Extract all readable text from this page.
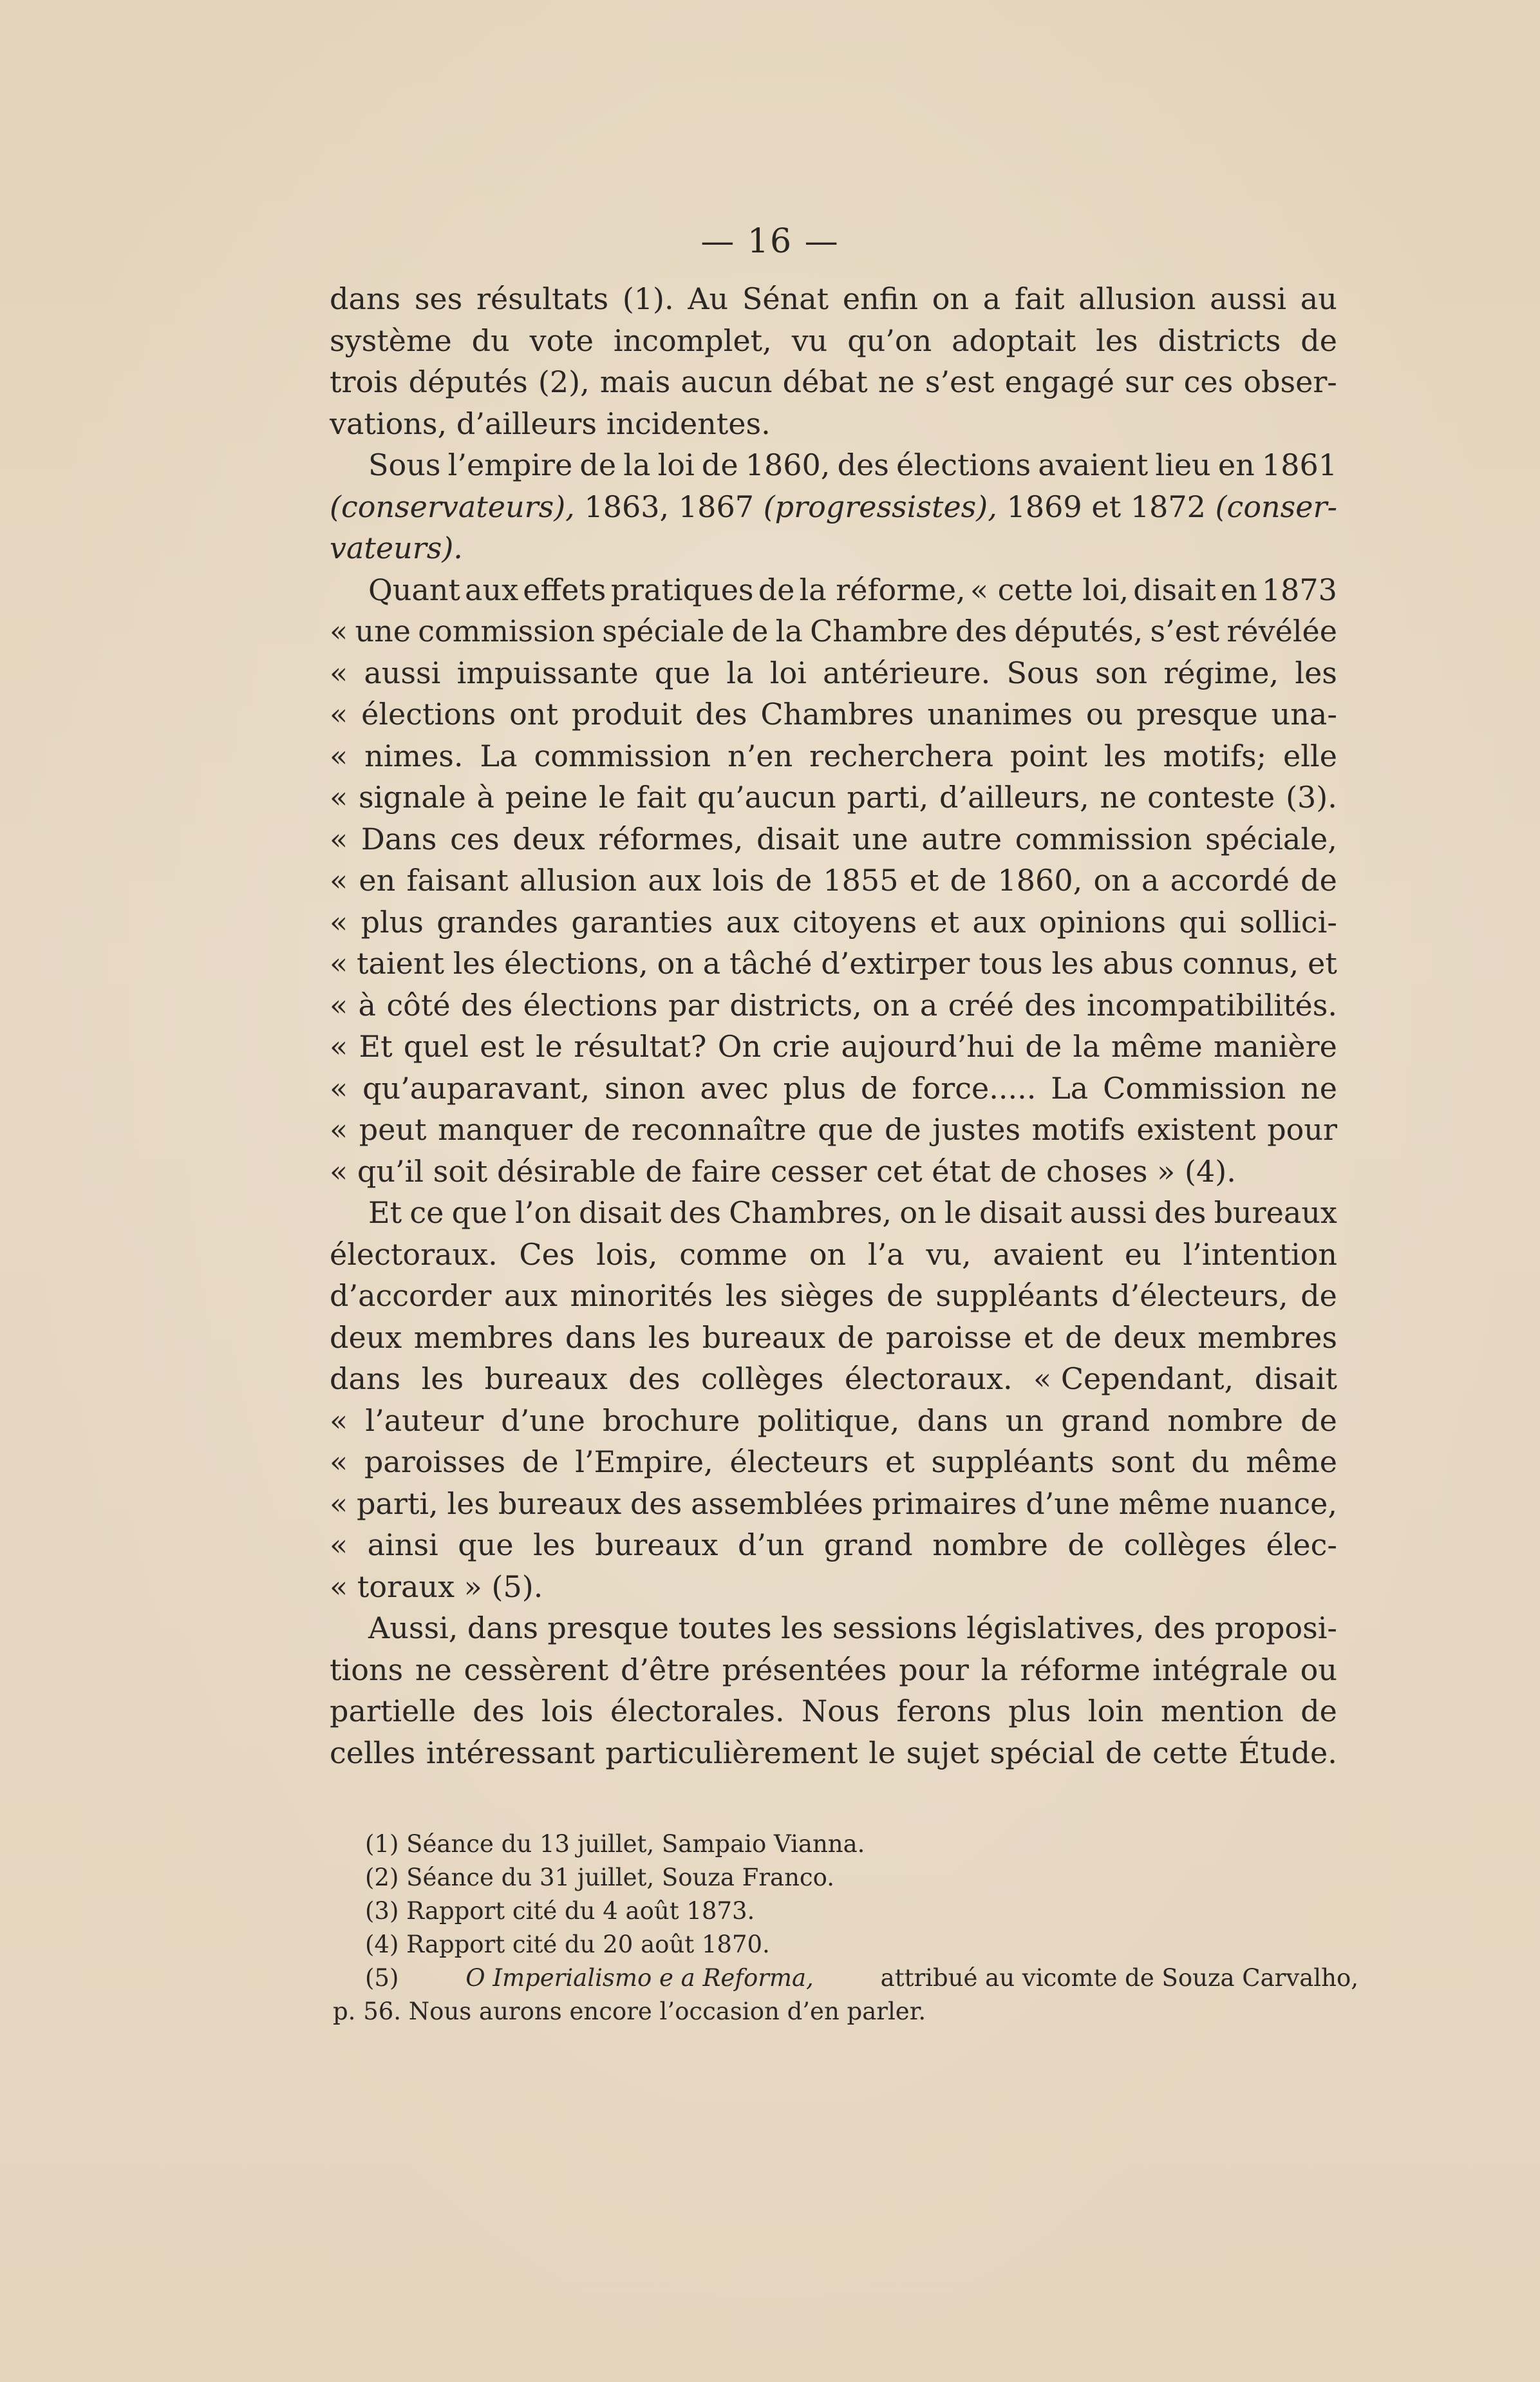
— 16 —
dans ses résultats (1). Au Sénat enfin on a fait allusion aussi au
système du vote incomplet, vu qu’on adoptait les districts de
trois députés (2), mais aucun débat ne s’est engagé sur ces obser-
vations, d’ailleurs incidentes.
Sous l’empire de la loi de 1860, des élections avaient lieu en 1861
(conservateurs), 1863, 1867 (progressistes), 1869 et 1872 (conser-
vateurs).
Quant aux effets pratiques de la réforme, « cette loi, disait en 1873
« une commission spéciale de la Chambre des députés, s’est révélée
« aussi impuissante que la loi antérieure. Sous son régime, les
« élections ont produit des Chambres unanimes ou presque una-
« nimes. La commission n’en recherchera point les motifs; elle
« signale à peine le fait qu’aucun parti, d’ailleurs, ne conteste (3).
« Dans ces deux réformes, disait une autre commission spéciale,
« en faisant allusion aux lois de 1855 et de 1860, on a accordé de
« plus grandes garanties aux citoyens et aux opinions qui sollici-
« taient les élections, on a tâché d’extirper tous les abus connus, et
« à côté des élections par districts, on a créé des incompatibilités.
« Et quel est le résultat? On crie aujourd’hui de la même manière
« qu’auparavant, sinon avec plus de force..... La Commission ne
« peut manquer de reconnaître que de justes motifs existent pour
« qu’il soit désirable de faire cesser cet état de choses » (4).
Et ce que l’on disait des Chambres, on le disait aussi des bureaux
électoraux. Ces lois, comme on l’a vu, avaient eu l’intention
d’accorder aux minorités les sièges de suppléants d’électeurs, de
deux membres dans les bureaux de paroisse et de deux membres
dans les bureaux des collèges électoraux. « Cependant, disait
« l’auteur d’une brochure politique, dans un grand nombre de
« paroisses de l’Empire, électeurs et suppléants sont du même
« parti, les bureaux des assemblées primaires d’une même nuance,
« ainsi que les bureaux d’un grand nombre de collèges élec-
« toraux » (5).
Aussi, dans presque toutes les sessions législatives, des proposi-
tions ne cessèrent d’être présentées pour la réforme intégrale ou
partielle des lois électorales. Nous ferons plus loin mention de
celles intéressant particulièrement le sujet spécial de cette Étude.
(1) Séance du 13 juillet, Sampaio Vianna.
(2) Séance du 31 juillet, Souza Franco.
(3) Rapport cité du 4 août 1873.
(4) Rapport cité du 20 août 1870.
(5)	O Imperialismo e a Reforma,	attribué au vicomte de Souza Carvalho,
p. 56. Nous aurons encore l’occasion d’en parler.
